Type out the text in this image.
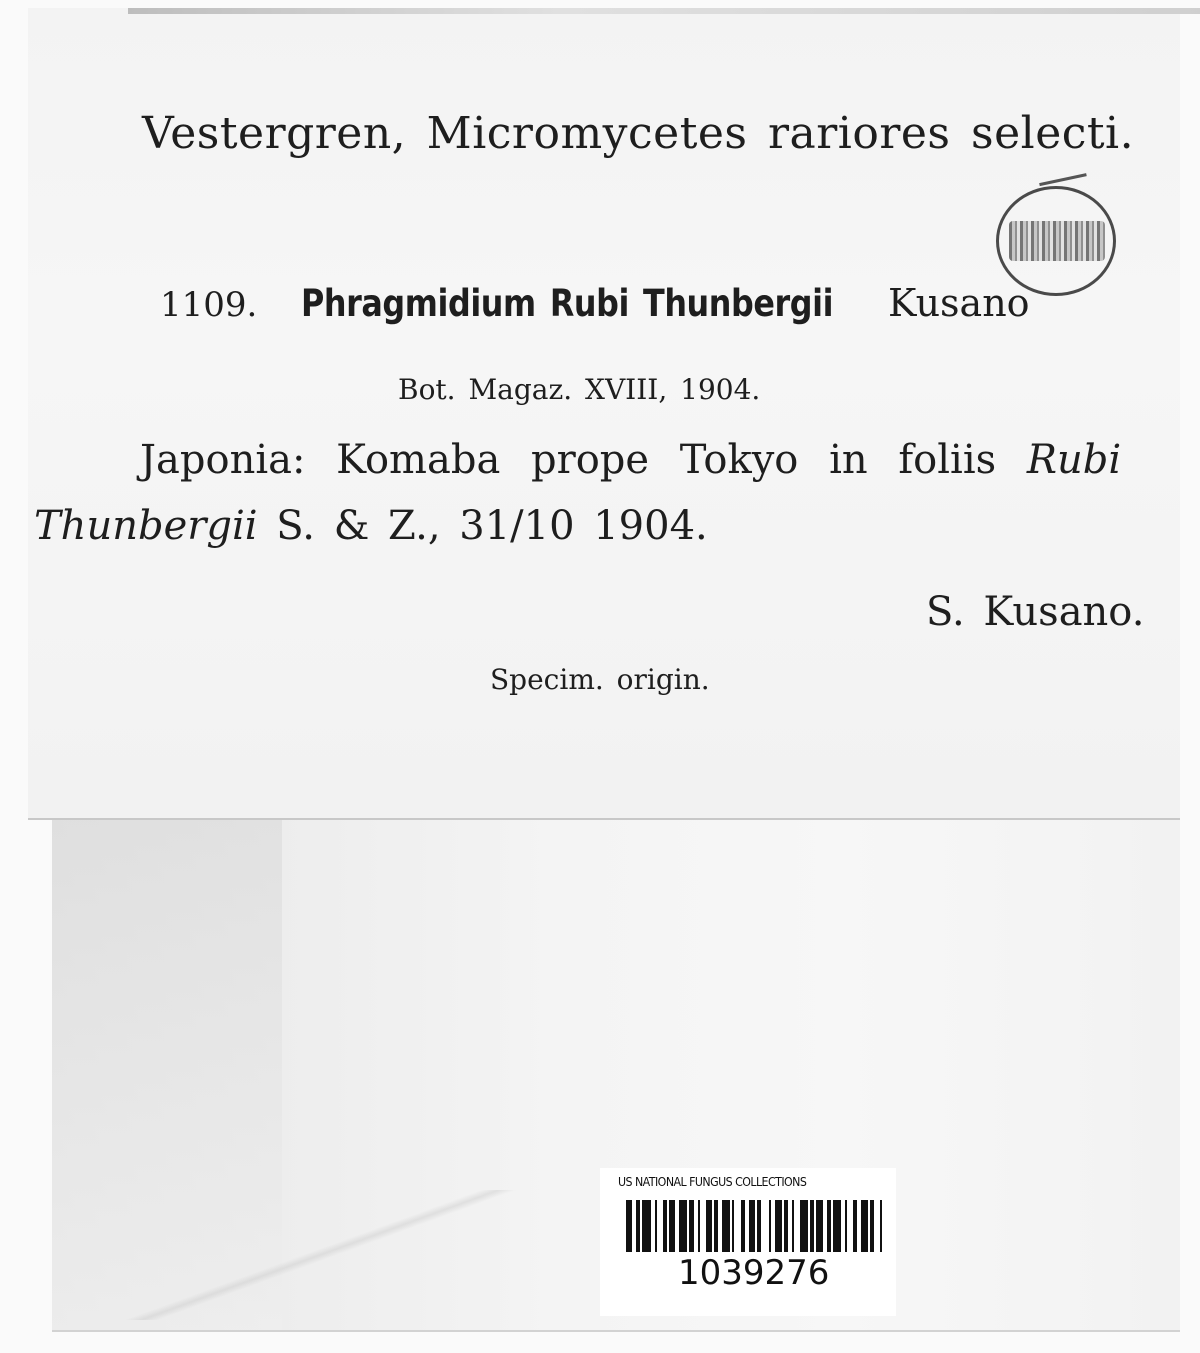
Vestergren, Micromycetes rariores selecti.
1109. Phragmidium Rubi Thunbergii Kusano
Bot. Magaz. XVIII, 1904.
Japonia: Komaba prope Tokyo in foliis Rubi
Thunbergii S. & Z., 31/10 1904.
S. Kusano.
Specim. origin.
US NATIONAL FUNGUS COLLECTIONS
1039276
